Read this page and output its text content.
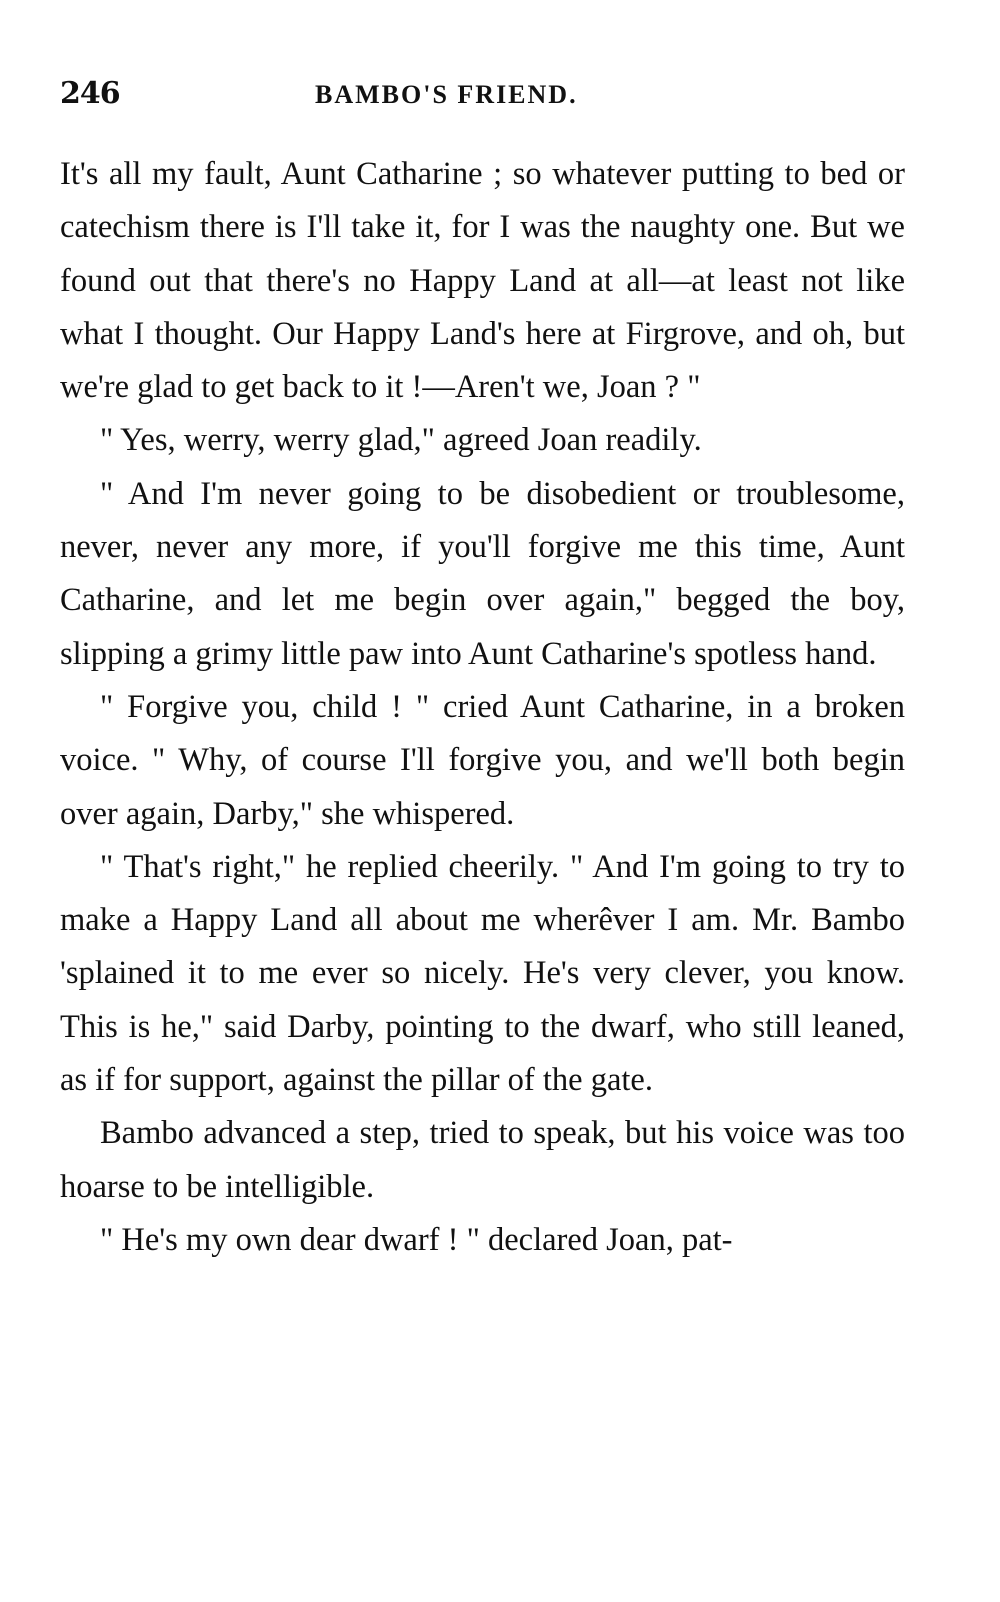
246	BAMBO'S FRIEND.

It's all my fault, Aunt Catharine ; so whatever putting to bed or catechism there is I'll take it, for I was the naughty one. But we found out that there's no Happy Land at all—at least not like what I thought. Our Happy Land's here at Firgrove, and oh, but we're glad to get back to it !—Aren't we, Joan ? "

" Yes, werry, werry glad," agreed Joan readily.

" And I'm never going to be disobedient or troublesome, never, never any more, if you'll forgive me this time, Aunt Catharine, and let me begin over again," begged the boy, slipping a grimy little paw into Aunt Catharine's spotless hand.

" Forgive you, child ! " cried Aunt Catharine, in a broken voice. " Why, of course I'll forgive you, and we'll both begin over again, Darby," she whispered.

" That's right," he replied cheerily. " And I'm going to try to make a Happy Land all about me wherêver I am. Mr. Bambo 'splained it to me ever so nicely. He's very clever, you know. This is he," said Darby, pointing to the dwarf, who still leaned, as if for support, against the pillar of the gate.

Bambo advanced a step, tried to speak, but his voice was too hoarse to be intelligible.

" He's my own dear dwarf ! " declared Joan, pat-
